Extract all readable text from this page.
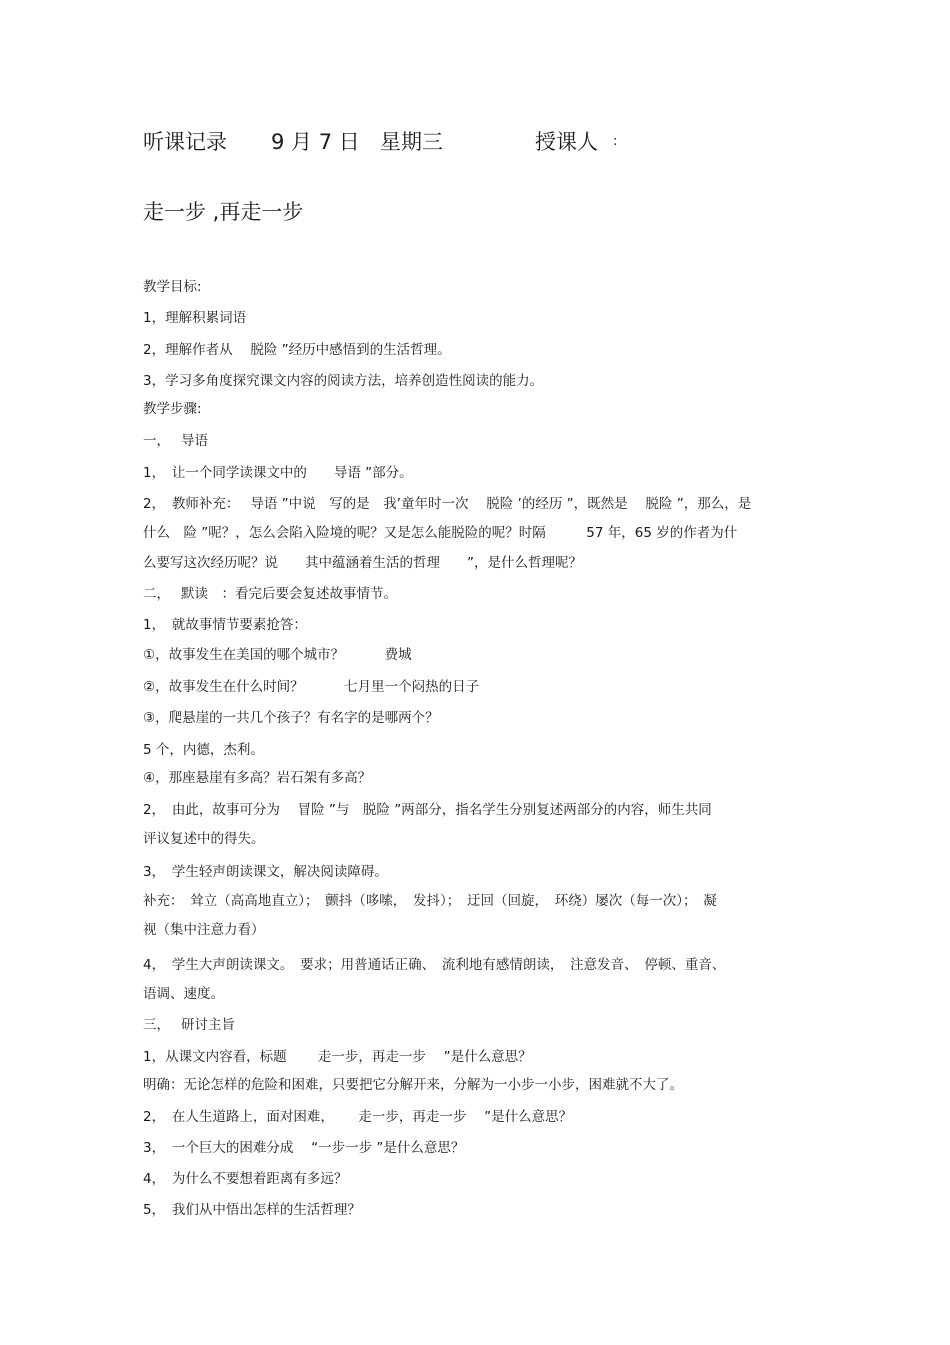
听课记录 9 月 7 日 星期三	授课人 :
走一步 ,再走一步
教学目标:
1，理解积累词语
2，理解作者从　 脱险 ”经历中感悟到的生活哲理。
3，学习多角度探究课文内容的阅读方法，培养创造性阅读的能力。
教学步骤:
一，　 导语
1，　让一个同学读课文中的　　导语 ”部分。
2，　教师补充：　 导语 ”中说　写的是　我’童年时一次　 脱险 ’的经历 ”，既然是　 脱险 ”，那么，是
什么　险 ”呢？，怎么会陷入险境的呢？又是怎么能脱险的呢？时隔　　　57 年，65 岁的作者为什
么要写这次经历呢？说　　其中蕴涵着生活的哲理　　”，是什么哲理呢？
二，　 默读　：看完后要会复述故事情节。
1，　就故事情节要素抢答：
①，故事发生在美国的哪个城市？　　　费城
②，故事发生在什么时间？　　　七月里一个闷热的日子
③，爬悬崖的一共几个孩子？有名字的是哪两个？
5 个，内德，杰利。
④，那座悬崖有多高？岩石架有多高？
2，　由此，故事可分为　 冒险 ”与　脱险 ”两部分，指名学生分别复述两部分的内容，师生共同
评议复述中的得失。
3，　学生轻声朗读课文，解决阅读障碍。
补充：　耸立（高高地直立）；　颤抖（哆嗦，　发抖）；　迂回（回旋，　环绕）屡次（每一次）；　凝
视（集中注意力看）
4，　学生大声朗读课文。　要求；用普通话正确、　流利地有感情朗读，　注意发音、　停顿、重音、
语调、速度。
三，　 研讨主旨
1，从课文内容看，标题　　 走一步，再走一步　 ”是什么意思？
明确：无论怎样的危险和困难，只要把它分解开来，分解为一小步一小步，困难就不大了。
2，　在人生道路上，面对困难，　　 走一步，再走一步　 ”是什么意思？
3，　一个巨大的困难分成　 “一步一步 ”是什么意思？
4，　为什么不要想着距离有多远？
5，　我们从中悟出怎样的生活哲理？
